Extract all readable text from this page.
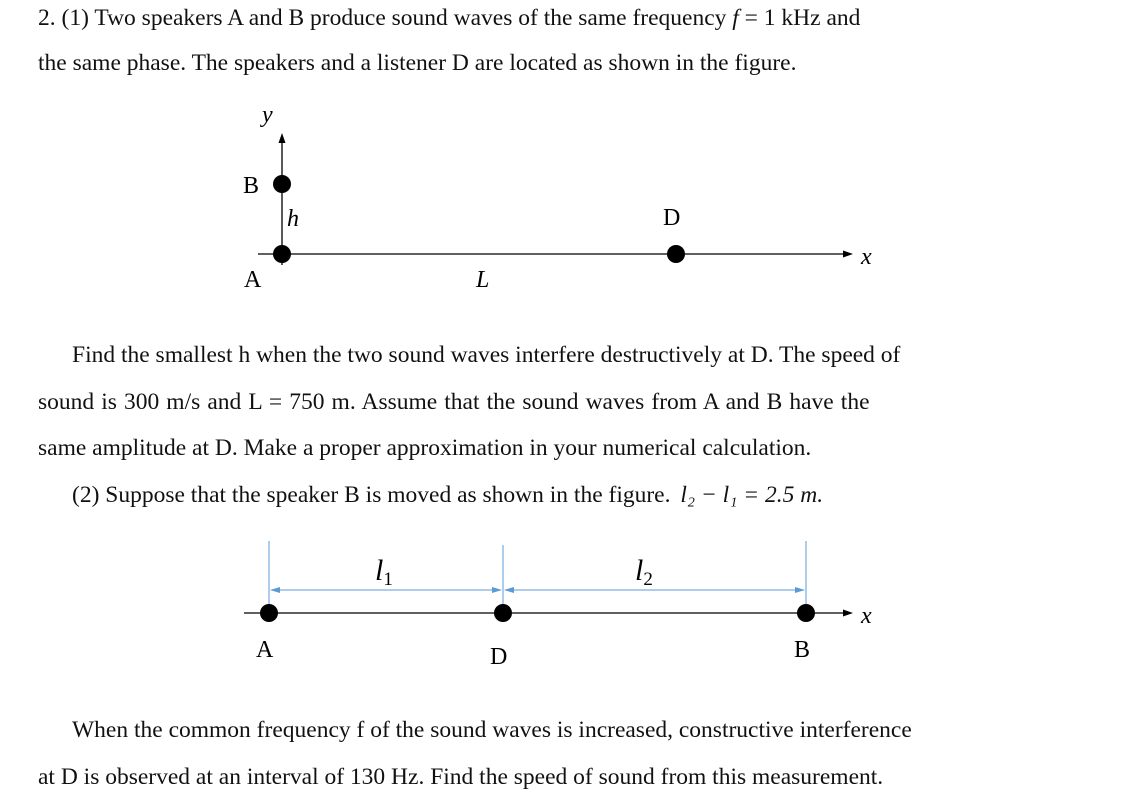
2. (1) Two speakers A and B produce sound waves of the same frequency f = 1 kHz and
the same phase. The speakers and a listener D are located as shown in the figure.
y
x
B
h	D
A	L
Find the smallest h when the two sound waves interfere destructively at D. The speed of
sound is 300 m/s and L = 750 m. Assume that the sound waves from A and B have the
same amplitude at D. Make a proper approximation in your numerical calculation.
(2) Suppose that the speaker B is moved as shown in the figure. l₂ − l₁ = 2.5 m.
l1	l2
A	D	B
x
When the common frequency f of the sound waves is increased, constructive interference
at D is observed at an interval of 130 Hz. Find the speed of sound from this measurement.
